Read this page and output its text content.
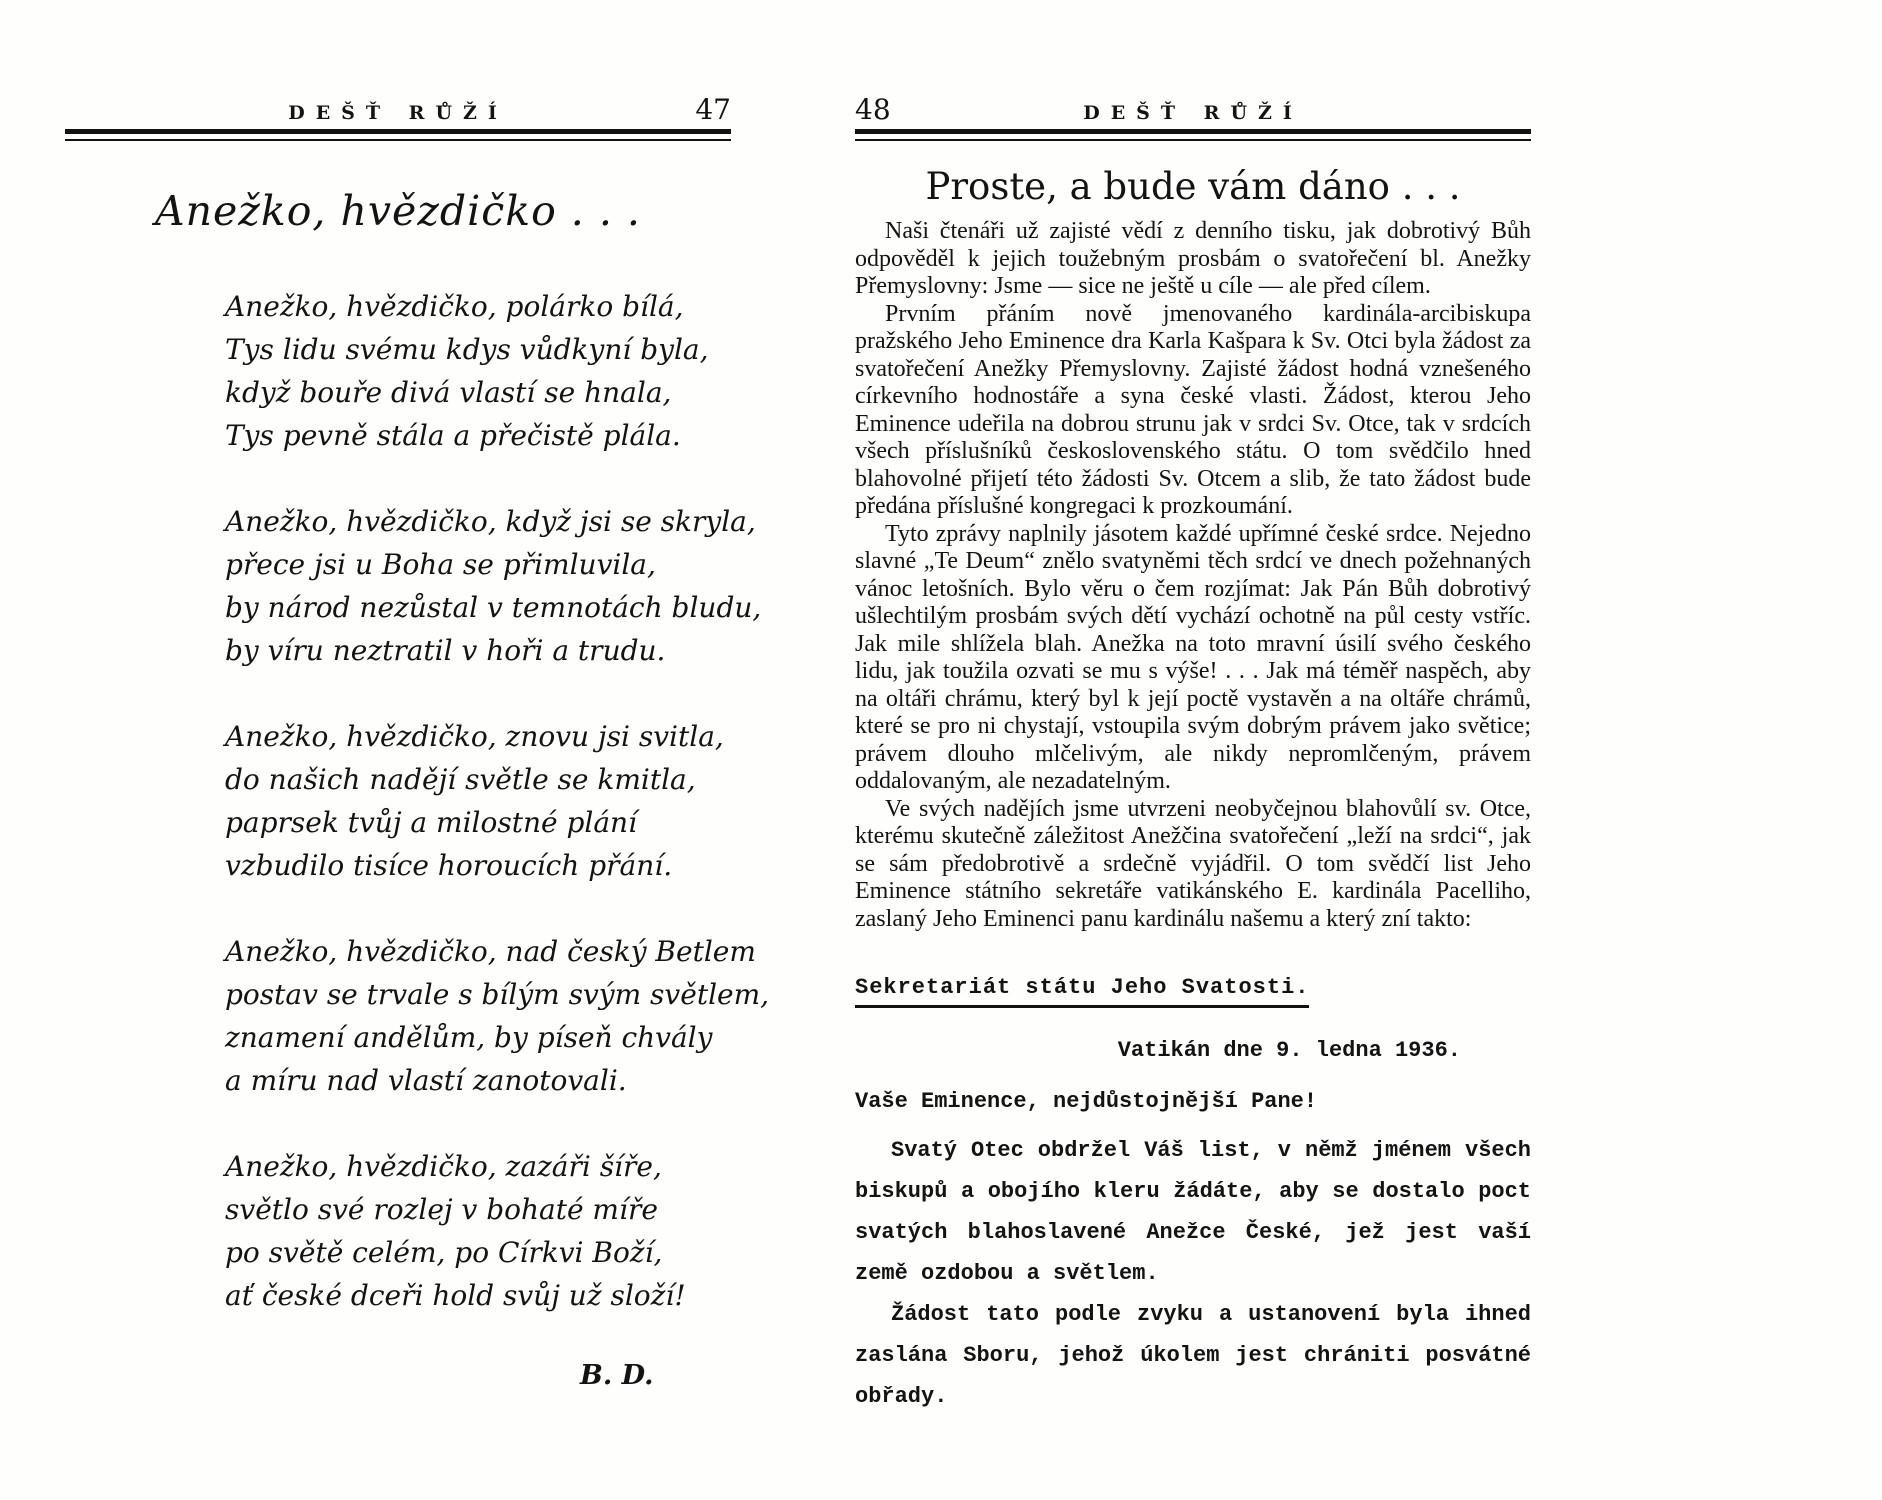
DEŠŤ RŮŽÍ	47
Anežko, hvězdičko . . .
Anežko, hvězdičko, polárko bílá,
Tys lidu svému kdys vůdkyní byla,
když bouře divá vlastí se hnala,
Tys pevně stála a přečistě plála.
Anežko, hvězdičko, když jsi se skryla,
přece jsi u Boha se přimluvila,
by národ nezůstal v temnotách bludu,
by víru neztratil v hoři a trudu.
Anežko, hvězdičko, znovu jsi svitla,
do našich nadějí světle se kmitla,
paprsek tvůj a milostné plání
vzbudilo tisíce horoucích přání.
Anežko, hvězdičko, nad český Betlem
postav se trvale s bílým svým světlem,
znamení andělům, by píseň chvály
a míru nad vlastí zanotovali.
Anežko, hvězdičko, zazáři šíře,
světlo své rozlej v bohaté míře
po světě celém, po Církvi Boží,
ať české dceři hold svůj už složí!
B. D.
48	DEŠŤ RŮŽÍ
Proste, a bude vám dáno . . .

Naši čtenáři už zajisté vědí z denního tisku, jak dobrotivý Bůh odpověděl k jejich toužebným prosbám o svatořečení bl. Anežky Přemyslovny: Jsme — sice ne ještě u cíle — ale před cílem.

Prvním přáním nově jmenovaného kardinála-arcibiskupa pražského Jeho Eminence dra Karla Kašpara k Sv. Otci byla žádost za svatořečení Anežky Přemyslovny. Zajisté žádost hodná vznešeného církevního hodnostáře a syna české vlasti. Žádost, kterou Jeho Eminence udeřila na dobrou strunu jak v srdci Sv. Otce, tak v srdcích všech příslušníků československého státu. O tom svědčilo hned blahovolné přijetí této žádosti Sv. Otcem a slib, že tato žádost bude předána příslušné kongregaci k prozkoumání.

Tyto zprávy naplnily jásotem každé upřímné české srdce. Nejedno slavné „Te Deum“ znělo svatyněmi těch srdcí ve dnech požehnaných vánoc letošních. Bylo věru o čem rozjímat: Jak Pán Bůh dobrotivý ušlechtilým prosbám svých dětí vychází ochotně na půl cesty vstříc. Jak mile shlížela blah. Anežka na toto mravní úsilí svého českého lidu, jak toužila ozvati se mu s výše! . . . Jak má téměř naspěch, aby na oltáři chrámu, který byl k její poctě vystavěn a na oltáře chrámů, které se pro ni chystají, vstoupila svým dobrým právem jako světice; právem dlouho mlčelivým, ale nikdy nepromlčeným, právem oddalovaným, ale nezadatelným.

Ve svých nadějích jsme utvrzeni neobyčejnou blahovůlí sv. Otce, kterému skutečně záležitost Anežčina svatořečení „leží na srdci“, jak se sám předobrotivě a srdečně vyjádřil. O tom svědčí list Jeho Eminence státního sekretáře vatikánského E. kardinála Pacelliho, zaslaný Jeho Eminenci panu kardinálu našemu a který zní takto:

Sekretariát státu Jeho Svatosti.
Vatikán dne 9. ledna 1936.
Vaše Eminence, nejdůstojnější Pane!

Svatý Otec obdržel Váš list, v němž jménem všech biskupů a obojího kleru žádáte, aby se dostalo poct svatých blahoslavené Anežce České, jež jest vaší země ozdobou a světlem.

Žádost tato podle zvyku a ustanovení byla ihned zaslána Sboru, jehož úkolem jest chrániti posvátné obřady.
